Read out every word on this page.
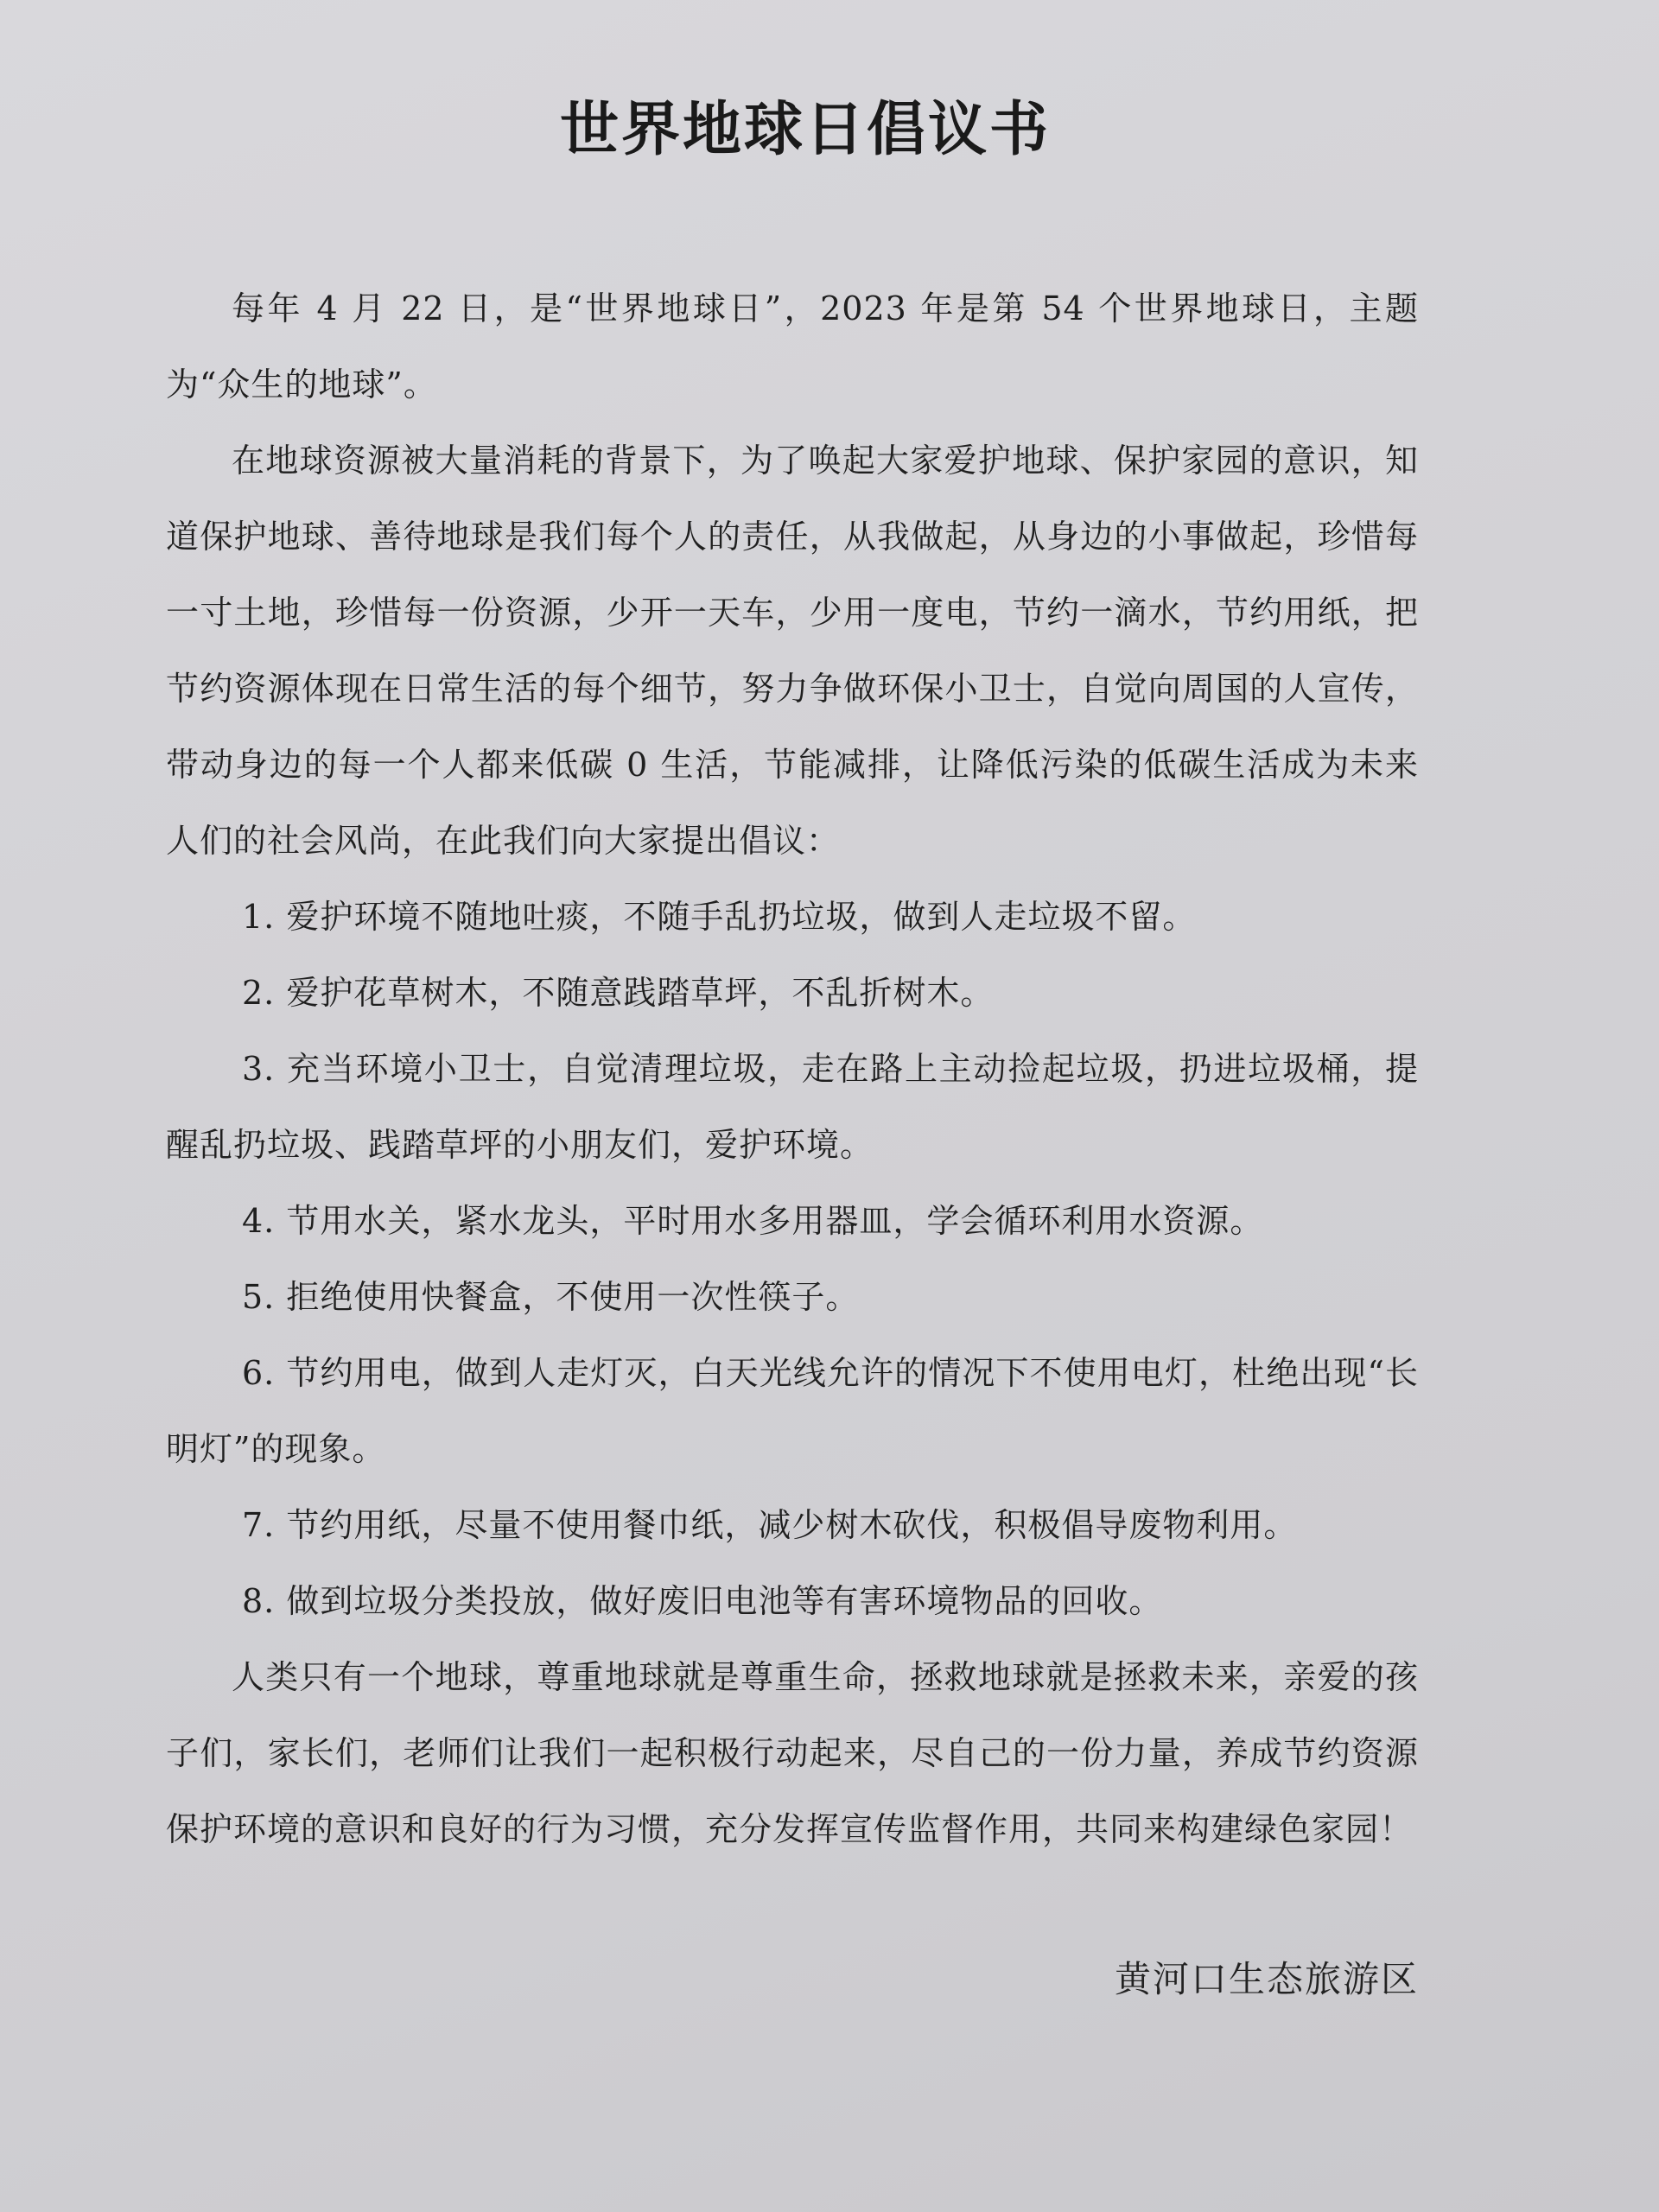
世界地球日倡议书

每年 4 月 22 日，是“世界地球日”，2023 年是第 54 个世界地球日，主题为“众生的地球”。

在地球资源被大量消耗的背景下，为了唤起大家爱护地球、保护家园的意识，知道保护地球、善待地球是我们每个人的责任，从我做起，从身边的小事做起，珍惜每一寸土地，珍惜每一份资源，少开一天车，少用一度电，节约一滴水，节约用纸，把节约资源体现在日常生活的每个细节，努力争做环保小卫士，自觉向周国的人宣传，带动身边的每一个人都来低碳 0 生活，节能减排，让降低污染的低碳生活成为未来人们的社会风尚，在此我们向大家提出倡议：

1. 爱护环境不随地吐痰，不随手乱扔垃圾，做到人走垃圾不留。

2. 爱护花草树木，不随意践踏草坪，不乱折树木。

3. 充当环境小卫士，自觉清理垃圾，走在路上主动捡起垃圾，扔进垃圾桶，提醒乱扔垃圾、践踏草坪的小朋友们，爱护环境。

4. 节用水关，紧水龙头，平时用水多用器皿，学会循环利用水资源。

5. 拒绝使用快餐盒，不使用一次性筷子。

6. 节约用电，做到人走灯灭，白天光线允许的情况下不使用电灯，杜绝出现“长明灯”的现象。

7. 节约用纸，尽量不使用餐巾纸，减少树木砍伐，积极倡导废物利用。

8. 做到垃圾分类投放，做好废旧电池等有害环境物品的回收。

人类只有一个地球，尊重地球就是尊重生命，拯救地球就是拯救未来，亲爱的孩子们，家长们，老师们让我们一起积极行动起来，尽自己的一份力量，养成节约资源保护环境的意识和良好的行为习惯，充分发挥宣传监督作用，共同来构建绿色家园！

黄河口生态旅游区
